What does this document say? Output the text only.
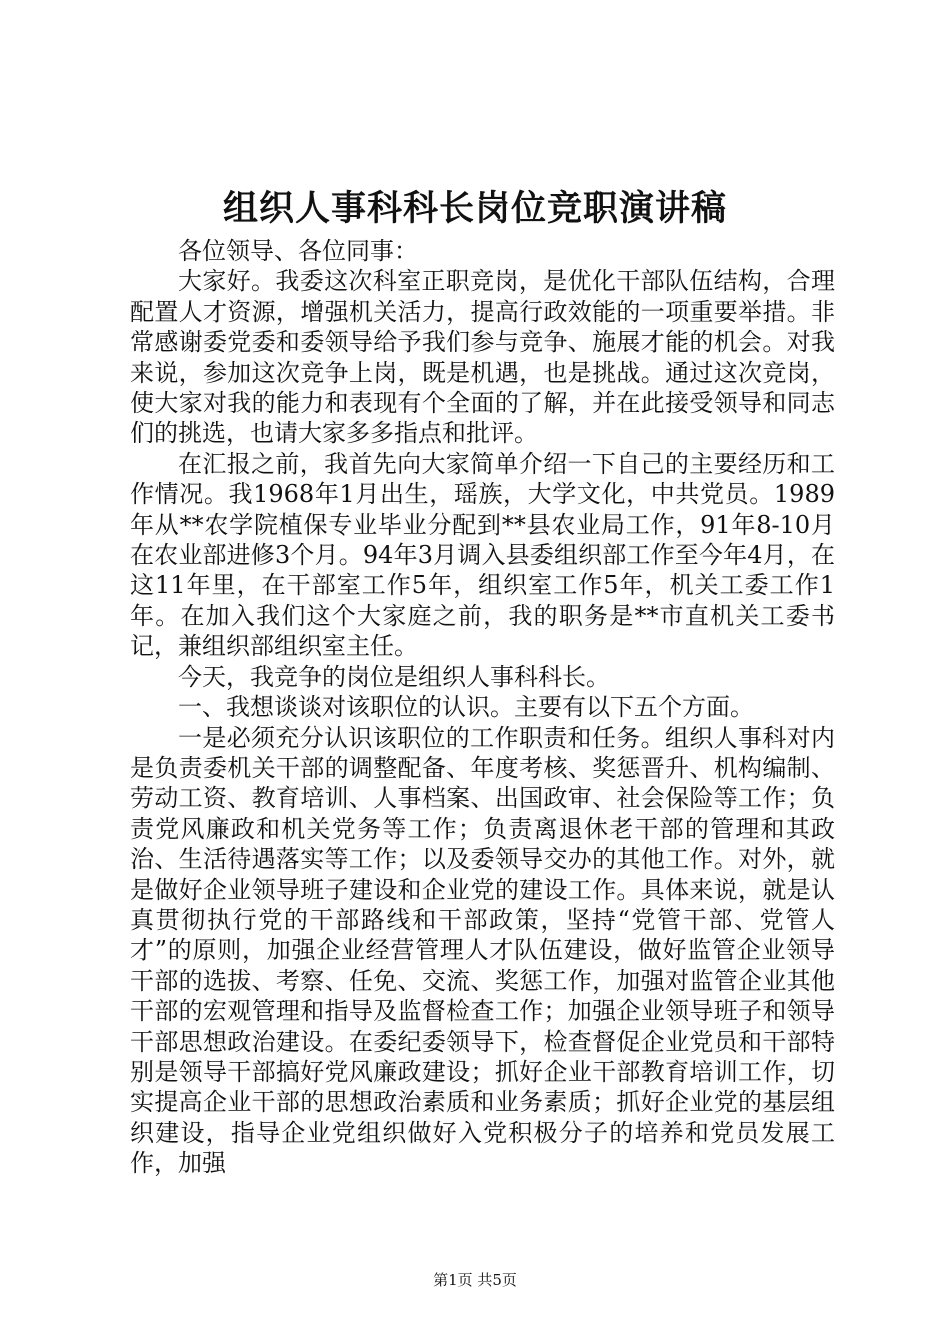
组织人事科科长岗位竞职演讲稿

各位领导、各位同事：

大家好。我委这次科室正职竞岗，是优化干部队伍结构，合理配置人才资源，增强机关活力，提高行政效能的一项重要举措。非常感谢委党委和委领导给予我们参与竞争、施展才能的机会。对我来说，参加这次竞争上岗，既是机遇，也是挑战。通过这次竞岗，使大家对我的能力和表现有个全面的了解，并在此接受领导和同志们的挑选，也请大家多多指点和批评。

在汇报之前，我首先向大家简单介绍一下自己的主要经历和工作情况。我1968年1月出生，瑶族，大学文化，中共党员。1989年从**农学院植保专业毕业分配到**县农业局工作，91年8-10月在农业部进修3个月。94年3月调入县委组织部工作至今年4月，在这11年里，在干部室工作5年，组织室工作5年，机关工委工作1年。在加入我们这个大家庭之前，我的职务是**市直机关工委书记，兼组织部组织室主任。

今天，我竞争的岗位是组织人事科科长。

一、我想谈谈对该职位的认识。主要有以下五个方面。

一是必须充分认识该职位的工作职责和任务。组织人事科对内是负责委机关干部的调整配备、年度考核、奖惩晋升、机构编制、劳动工资、教育培训、人事档案、出国政审、社会保险等工作；负责党风廉政和机关党务等工作；负责离退休老干部的管理和其政治、生活待遇落实等工作；以及委领导交办的其他工作。对外，就是做好企业领导班子建设和企业党的建设工作。具体来说，就是认真贯彻执行党的干部路线和干部政策，坚持“党管干部、党管人才”的原则，加强企业经营管理人才队伍建设，做好监管企业领导干部的选拔、考察、任免、交流、奖惩工作，加强对监管企业其他干部的宏观管理和指导及监督检查工作；加强企业领导班子和领导干部思想政治建设。在委纪委领导下，检查督促企业党员和干部特别是领导干部搞好党风廉政建设；抓好企业干部教育培训工作，切实提高企业干部的思想政治素质和业务素质；抓好企业党的基层组织建设，指导企业党组织做好入党积极分子的培养和党员发展工作，加强

第1页 共5页
